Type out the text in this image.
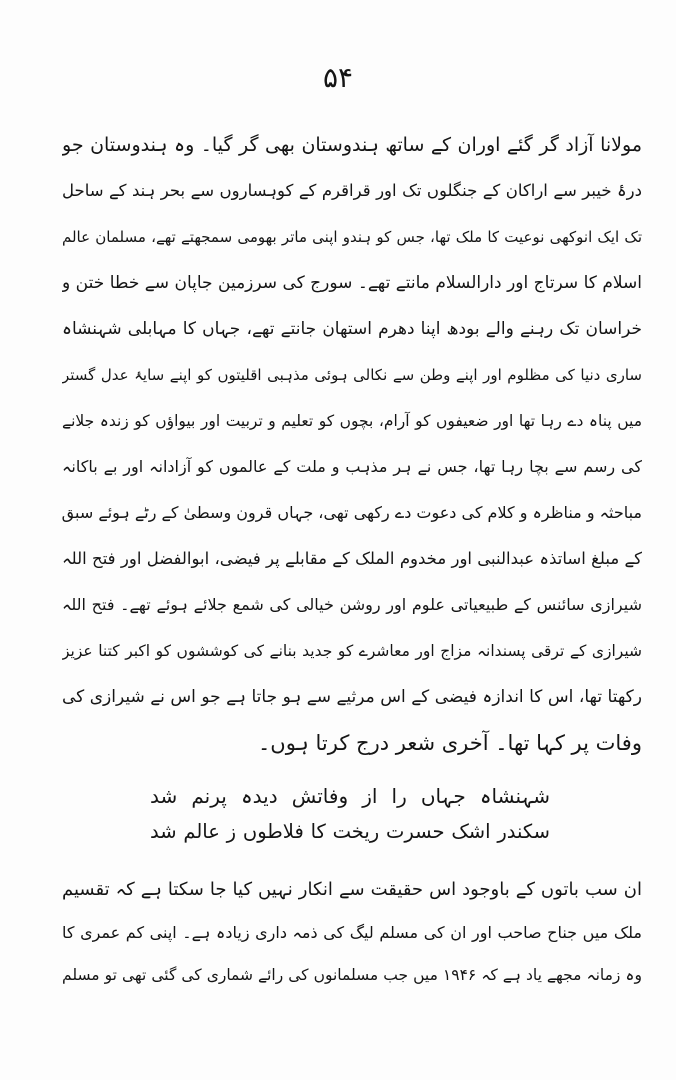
۵۴
مولانا آزاد گر گئے اوران کے ساتھ ہندوستان بھی گر گیا۔ وہ ہندوستان جو
درۂ خیبر سے اراکان کے جنگلوں تک اور قراقرم کے کوہساروں سے بحر ہند کے ساحل
تک ایک انوکھی نوعیت کا ملک تھا، جس کو ہندو اپنی ماتر بھومی سمجھتے تھے، مسلمان عالم
اسلام کا سرتاج اور دارالسلام مانتے تھے۔ سورج کی سرزمین جاپان سے خطا ختن و
خراسان تک رہنے والے بودھ اپنا دھرم استھان جانتے تھے، جہاں کا مہابلی شہنشاہ
ساری دنیا کی مظلوم اور اپنے وطن سے نکالی ہوئی مذہبی اقلیتوں کو اپنے سایۂ عدل گستر
میں پناہ دے رہا تھا اور ضعیفوں کو آرام، بچوں کو تعلیم و تربیت اور بیواؤں کو زندہ جلانے
کی رسم سے بچا رہا تھا، جس نے ہر مذہب و ملت کے عالموں کو آزادانہ اور بے باکانہ
مباحثہ و مناظرہ و کلام کی دعوت دے رکھی تھی، جہاں قرون وسطیٰ کے رٹے ہوئے سبق
کے مبلغ اساتذہ عبدالنبی اور مخدوم الملک کے مقابلے پر فیضی، ابوالفضل اور فتح اللہ
شیرازی سائنس کے طبیعیاتی علوم اور روشن خیالی کی شمع جلائے ہوئے تھے۔ فتح اللہ
شیرازی کے ترقی پسندانہ مزاج اور معاشرے کو جدید بنانے کی کوششوں کو اکبر کتنا عزیز
رکھتا تھا، اس کا اندازہ فیضی کے اس مرثیے سے ہو جاتا ہے جو اس نے شیرازی کی
وفات پر کہا تھا۔ آخری شعر درج کرتا ہوں۔
شہنشاہ جہاں را از وفاتش دیدہ پرنم شد
سکندر اشک حسرت ریخت کا فلاطوں ز عالم شد
ان سب باتوں کے باوجود اس حقیقت سے انکار نہیں کیا جا سکتا ہے کہ تقسیم
ملک میں جناح صاحب اور ان کی مسلم لیگ کی ذمہ داری زیادہ ہے۔ اپنی کم عمری کا
وہ زمانہ مجھے یاد ہے کہ ۱۹۴۶ میں جب مسلمانوں کی رائے شماری کی گئی تھی تو مسلم
